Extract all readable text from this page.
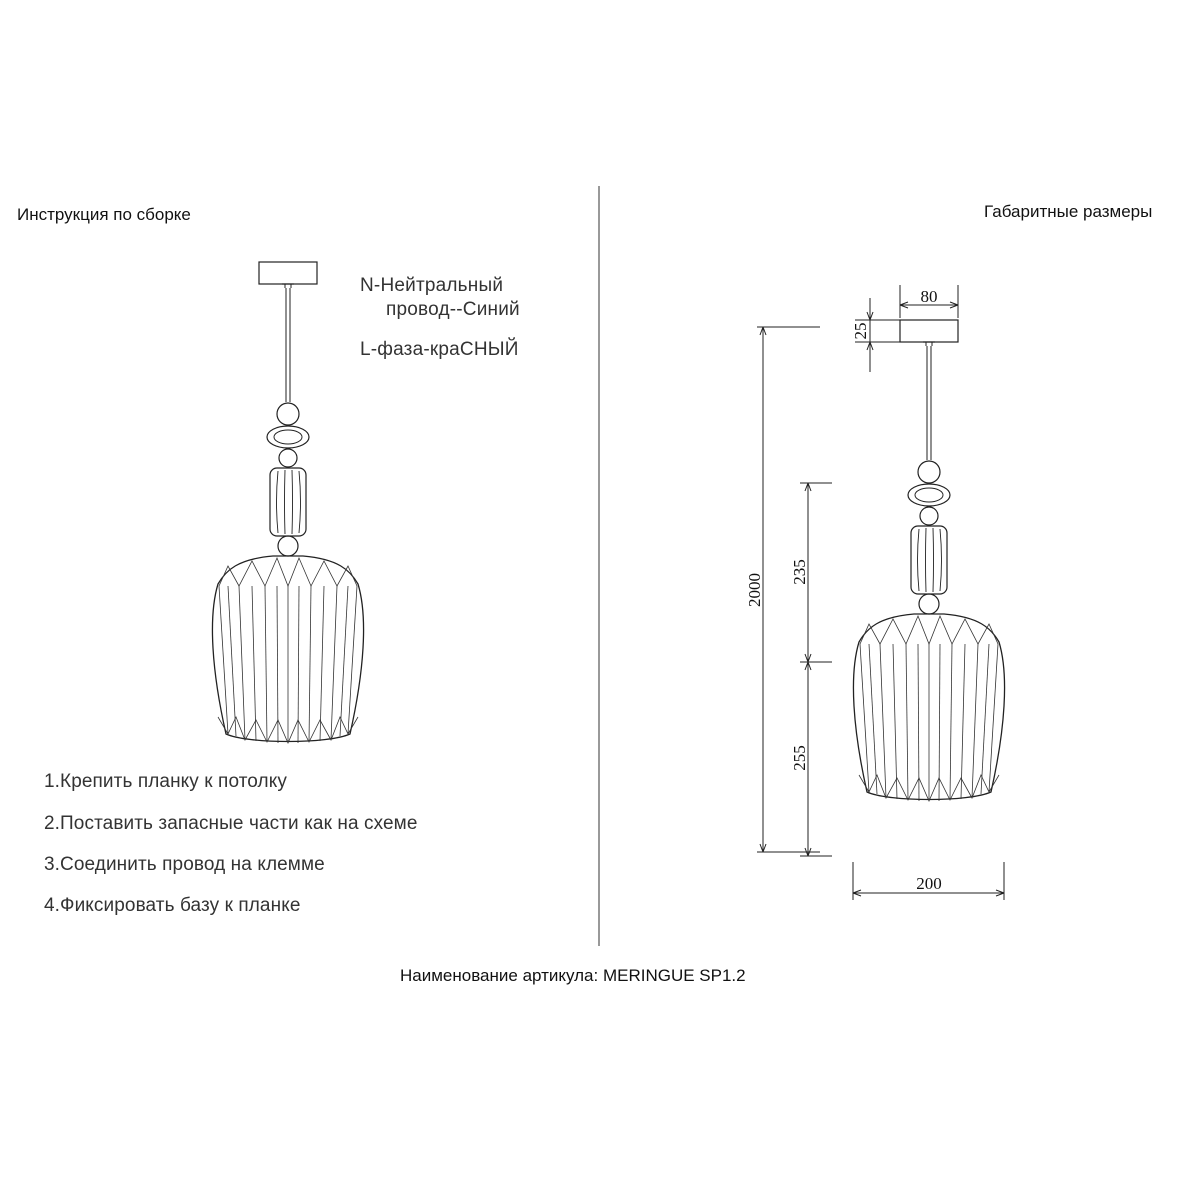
Инструкция по сборке	Габаритные размеры
N-Нейтральный
провод--Синий
L-фаза-краСНЫЙ
1.Крепить планку к потолку
2.Поставить запасные части как на схеме
3.Соединить провод на клемме
4.Фиксировать базу к планке
Наименование артикула: MERINGUE SP1.2
80
25
2000
235
255
200
